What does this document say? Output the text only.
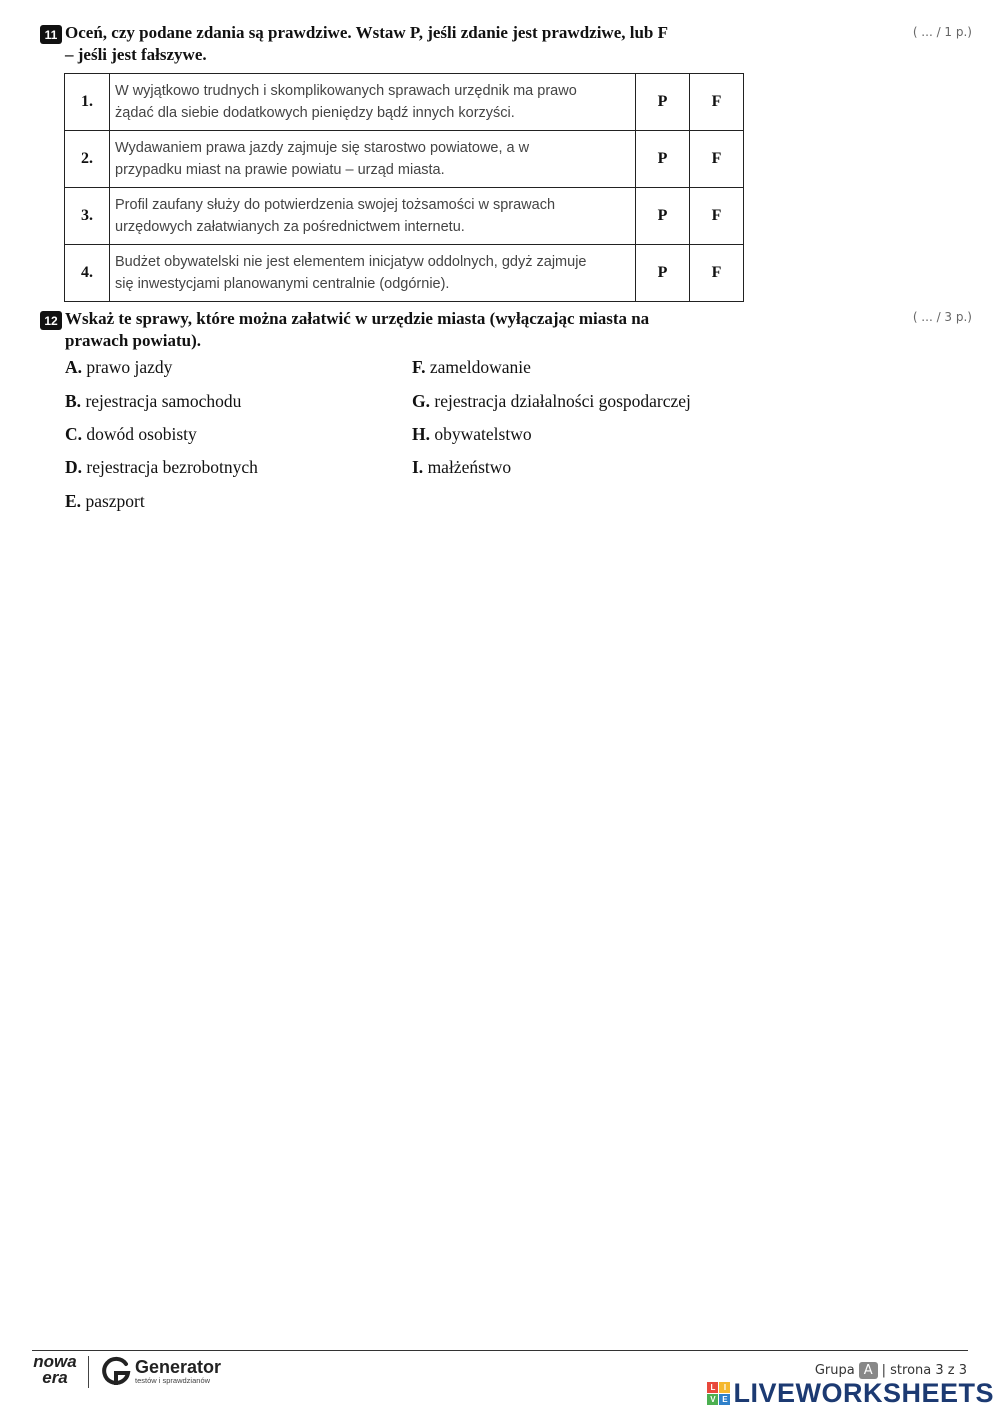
11 Oceń, czy podane zdania są prawdziwe. Wstaw P, jeśli zdanie jest prawdziwe, lub F
– jeśli jest fałszywe.
( ... / 1 p.)
1.	W wyjątkowo trudnych i skomplikowanych sprawach urzędnik ma prawo
żądać dla siebie dodatkowych pieniędzy bądź innych korzyści.	P	F
2.	Wydawaniem prawa jazdy zajmuje się starostwo powiatowe, a w
przypadku miast na prawie powiatu – urząd miasta.	P	F
3.	Profil zaufany służy do potwierdzenia swojej tożsamości w sprawach
urzędowych załatwianych za pośrednictwem internetu.	P	F
4.	Budżet obywatelski nie jest elementem inicjatyw oddolnych, gdyż zajmuje
się inwestycjami planowanymi centralnie (odgórnie).	P	F
12 Wskaż te sprawy, które można załatwić w urzędzie miasta (wyłączając miasta na
prawach powiatu).
( ... / 3 p.)
A. prawo jazdy
B. rejestracja samochodu
C. dowód osobisty
D. rejestracja bezrobotnych
E. paszport
F. zameldowanie
G. rejestracja działalności gospodarczej
H. obywatelstwo
I. małżeństwo
nowa
era
Generator
testów i sprawdzianów
Grupa A | strona 3 z 3
L	I
V E LIVEWORKSHEETS
